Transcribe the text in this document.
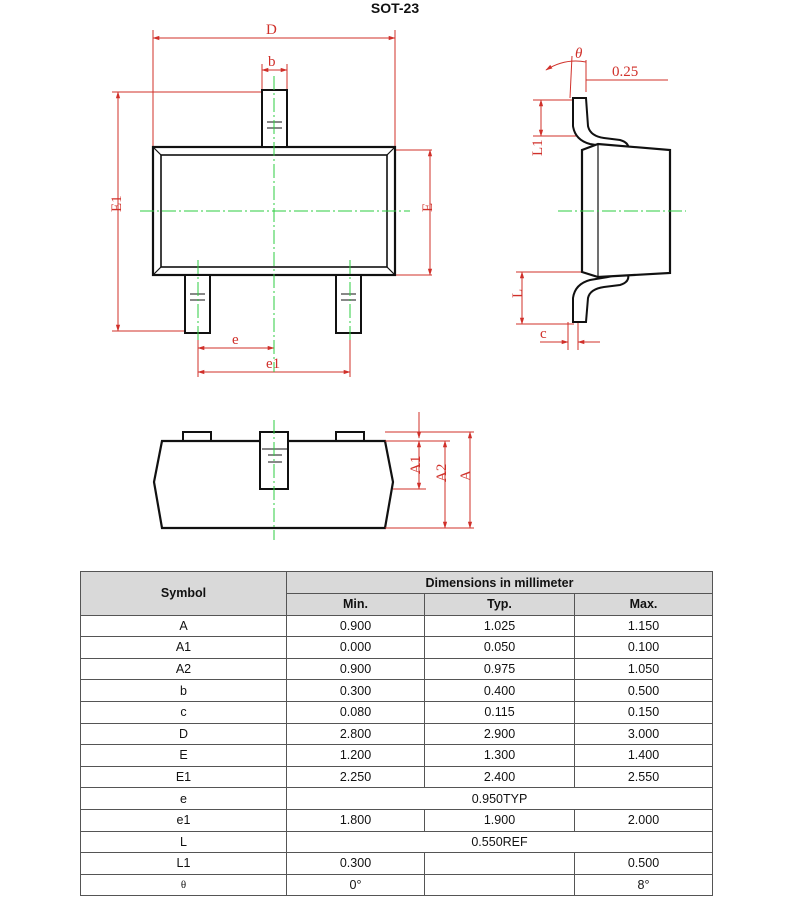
SOT-23
D
b
E1	E
e
e1
θ
0.25
L1
L
c
A1 A2 A
Symbol	Dimensions in millimeter		
	Min.	Typ.	Max.
A	0.900	1.025	1.150
A1	0.000	0.050	0.100
A2	0.900	0.975	1.050
b	0.300	0.400	0.500
c	0.080	0.115	0.150
D	2.800	2.900	3.000
E	1.200	1.300	1.400
E1	2.250	2.400	2.550
e	0.950TYP		
e1	1.800	1.900	2.000
L	0.550REF		
L1	0.300		0.500
θ	0°		8°
